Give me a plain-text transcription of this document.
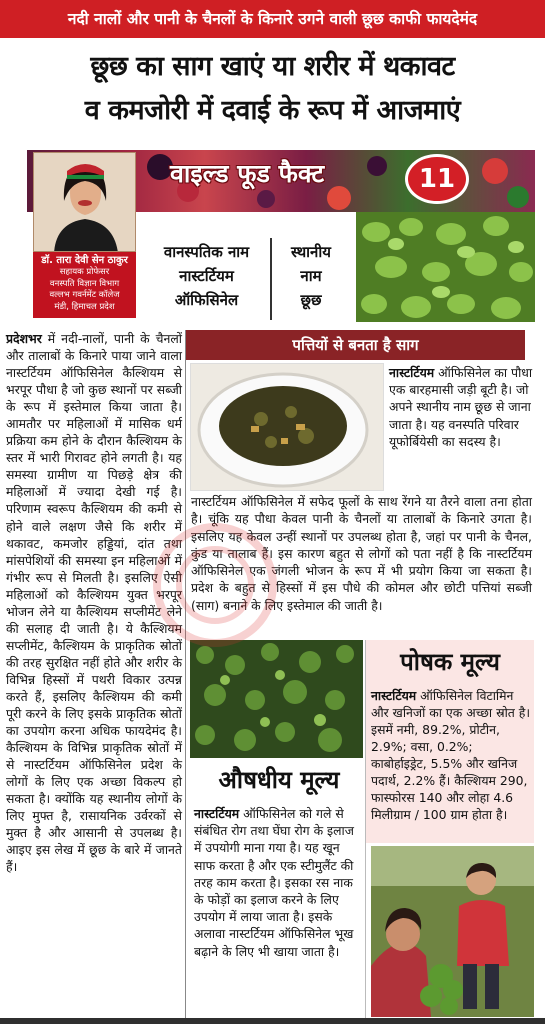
नदी नालों और पानी के चैनलों के किनारे उगने वाली छूछ काफी फायदेमंद
छूछ का साग खाएं या शरीर में थकावट
व कमजोरी में दवाई के रूप में आजमाएं
वाइल्ड फूड फैक्ट	11
डॉ. तारा देवी सेन ठाकुर
सहायक प्रोफेसर
वनस्पति विज्ञान विभाग
वल्लभ गवर्नमेंट कॉलेज
मंडी, हिमाचल प्रदेश
वानस्पतिक नाम
नास्टर्टियम
ऑफिसिनेल
स्थानीय
नाम
छूछ
प्रदेशभर में नदी-नालों, पानी के चैनलों और तालाबों के किनारे पाया जाने वाला नास्टर्टियम ऑफिसिनेल कैल्शियम से भरपूर पौधा है जो कुछ स्थानों पर सब्जी के रूप में इस्तेमाल किया जाता है। आमतौर पर महिलाओं में मासिक धर्म प्रक्रिया कम होने के दौरान कैल्शियम के स्तर में भारी गिरावट होने लगती है। यह समस्या ग्रामीण या पिछड़े क्षेत्र की महिलाओं में ज्यादा देखी गई है। परिणाम स्वरूप कैल्शियम की कमी से होने वाले लक्षण जैसे कि शरीर में थकावट, कमजोर हड्डियां, दांत तथा मांसपेशियों की समस्या इन महिलाओं में गंभीर रूप से मिलती है। इसलिए ऐसी महिलाओं को कैल्शियम युक्त भरपूर भोजन लेने या कैल्शियम सप्लीमेंट लेने की सलाह दी जाती है। ये कैल्शियम सप्लीमेंट, कैल्शियम के प्राकृतिक स्रोतों की तरह सुरक्षित नहीं होते और शरीर के विभिन्न हिस्सों में पथरी विकार उत्पन्न करते हैं, इसलिए कैल्शियम की कमी पूरी करने के लिए इसके प्राकृतिक स्रोतों का उपयोग करना अधिक फायदेमंद है। कैल्शियम के विभिन्न प्राकृतिक स्रोतों में से नास्टर्टियम ऑफिसिनेल प्रदेश के लोगों के लिए एक अच्छा विकल्प हो सकता है। क्योंकि यह स्थानीय लोगों के लिए मुफ्त है, रासायनिक उर्वरकों से मुक्त है और आसानी से उपलब्ध है। आइए इस लेख में छूछ के बारे में जानते हैं।
पत्तियों से बनता है साग
नास्टर्टियम ऑफिसिनेल का पौधा एक बारहमासी जड़ी बूटी है। जो अपने स्थानीय नाम छूछ से जाना जाता है। यह वनस्पति परिवार यूफोर्बियेसी का सदस्य है।
नास्टर्टियम ऑफिसिनेल में सफेद फूलों के साथ रेंगने या तैरने वाला तना होता है। चूंकि यह पौधा केवल पानी के चैनलों या तालाबों के किनारे उगता है। इसलिए यह केवल उन्हीं स्थानों पर उपलब्ध होता है, जहां पर पानी के चैनल, कुंड या तालाब हैं। इस कारण बहुत से लोगों को पता नहीं है कि नास्टर्टियम ऑफिसिनेल एक जंगली भोजन के रूप में भी प्रयोग किया जा सकता है। प्रदेश के बहुत से हिस्सों में इस पौधे की कोमल और छोटी पत्तियां सब्जी (साग) बनाने के लिए इस्तेमाल की जाती है।
पोषक मूल्य
नास्टर्टियम ऑफिसिनेल विटामिन और खनिजों का एक अच्छा स्रोत है। इसमें नमी, 89.2%, प्रोटीन, 2.9%; वसा, 0.2%; काबोर्हाइड्रेट, 5.5% और खनिज पदार्थ, 2.2% हैं। कैल्शियम 290, फास्फोरस 140 और लोहा 4.6 मिलीग्राम / 100 ग्राम होता है।
औषधीय मूल्य
नास्टर्टियम ऑफिसिनेल को गले से संबंधित रोग तथा घेंघा रोग के इलाज में उपयोगी माना गया है। यह खून साफ करता है और एक स्टीमुलैंट की तरह काम करता है। इसका रस नाक के फोड़ों का इलाज करने के लिए उपयोग में लाया जाता है। इसके अलावा नास्टर्टियम ऑफिसिनेल भूख बढ़ाने के लिए भी खाया जाता है।
